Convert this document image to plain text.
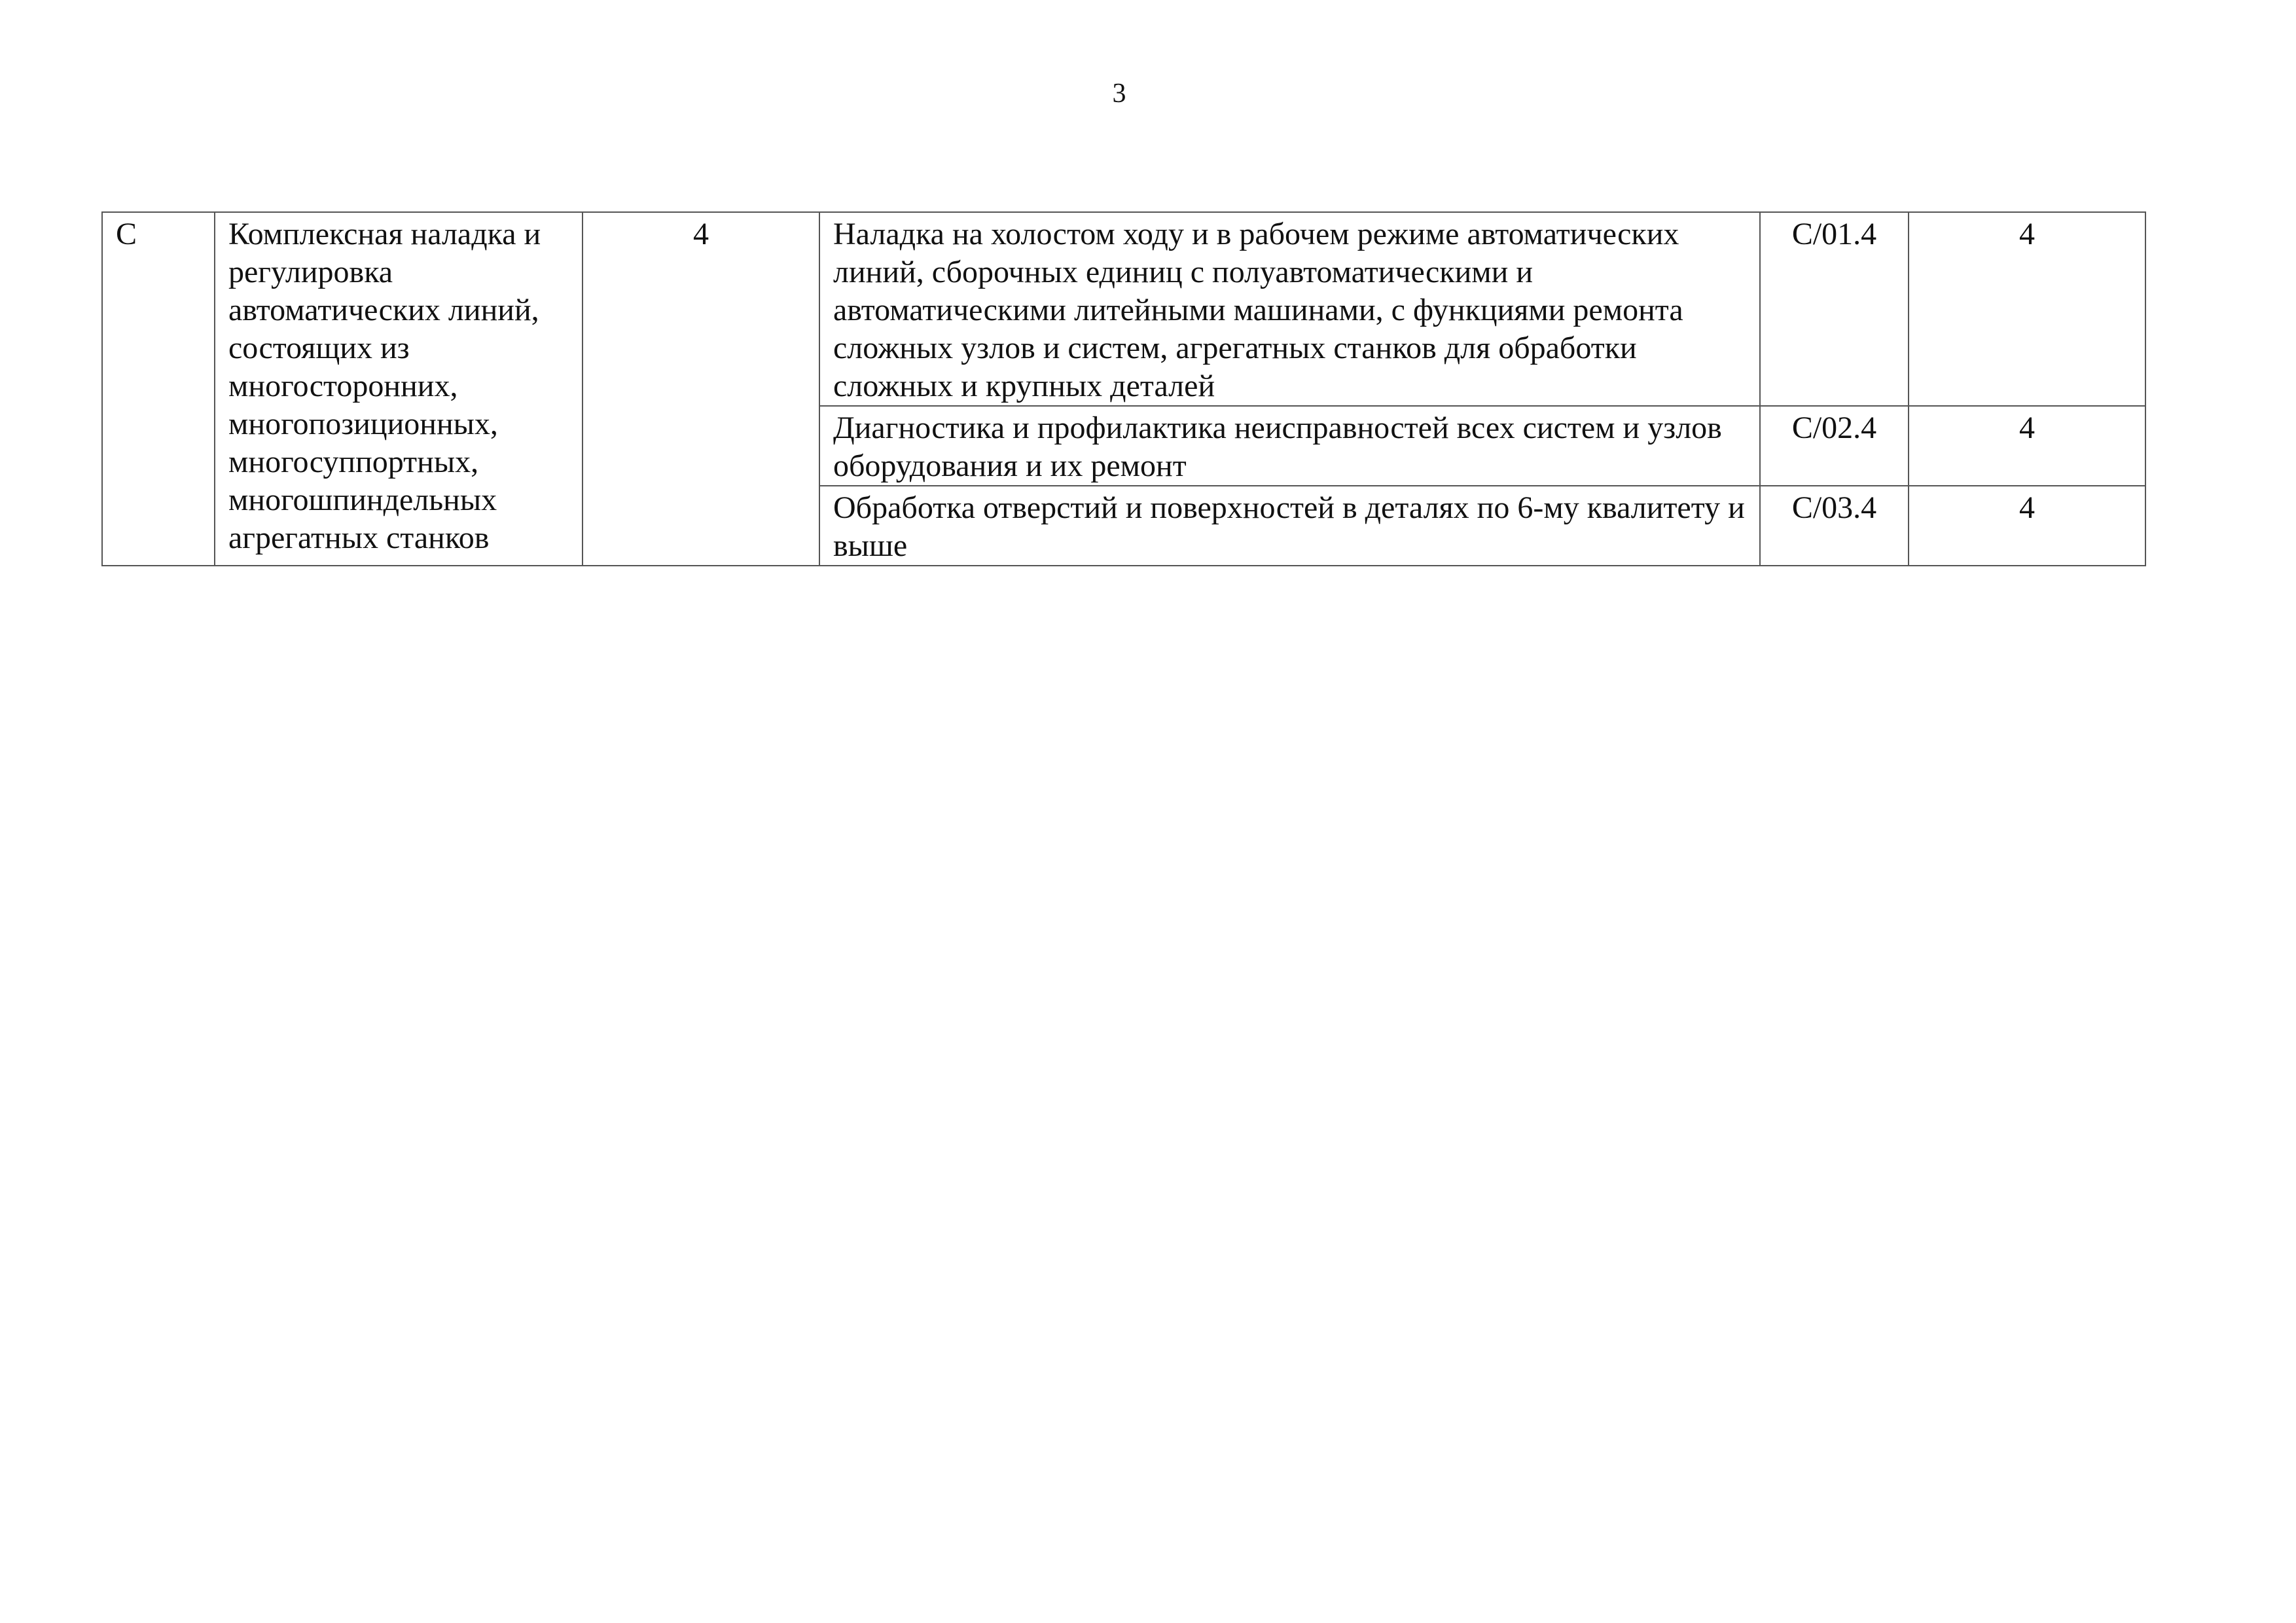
3
С	Комплексная наладка и регулировка автоматических линий, состоящих из многосторонних, многопозиционных, многосуппортных, многошпиндельных агрегатных станков	4	Наладка на холостом ходу и в рабочем режиме автоматических линий, сборочных единиц с полуавтоматическими и автоматическими литейными машинами, с функциями ремонта сложных узлов и систем, агрегатных станков для обработки сложных и крупных деталей	С/01.4	4
			Диагностика и профилактика неисправностей всех систем и узлов оборудования и их ремонт	С/02.4	4
			Обработка отверстий и поверхностей в деталях по 6-му квалитету и выше	С/03.4	4
